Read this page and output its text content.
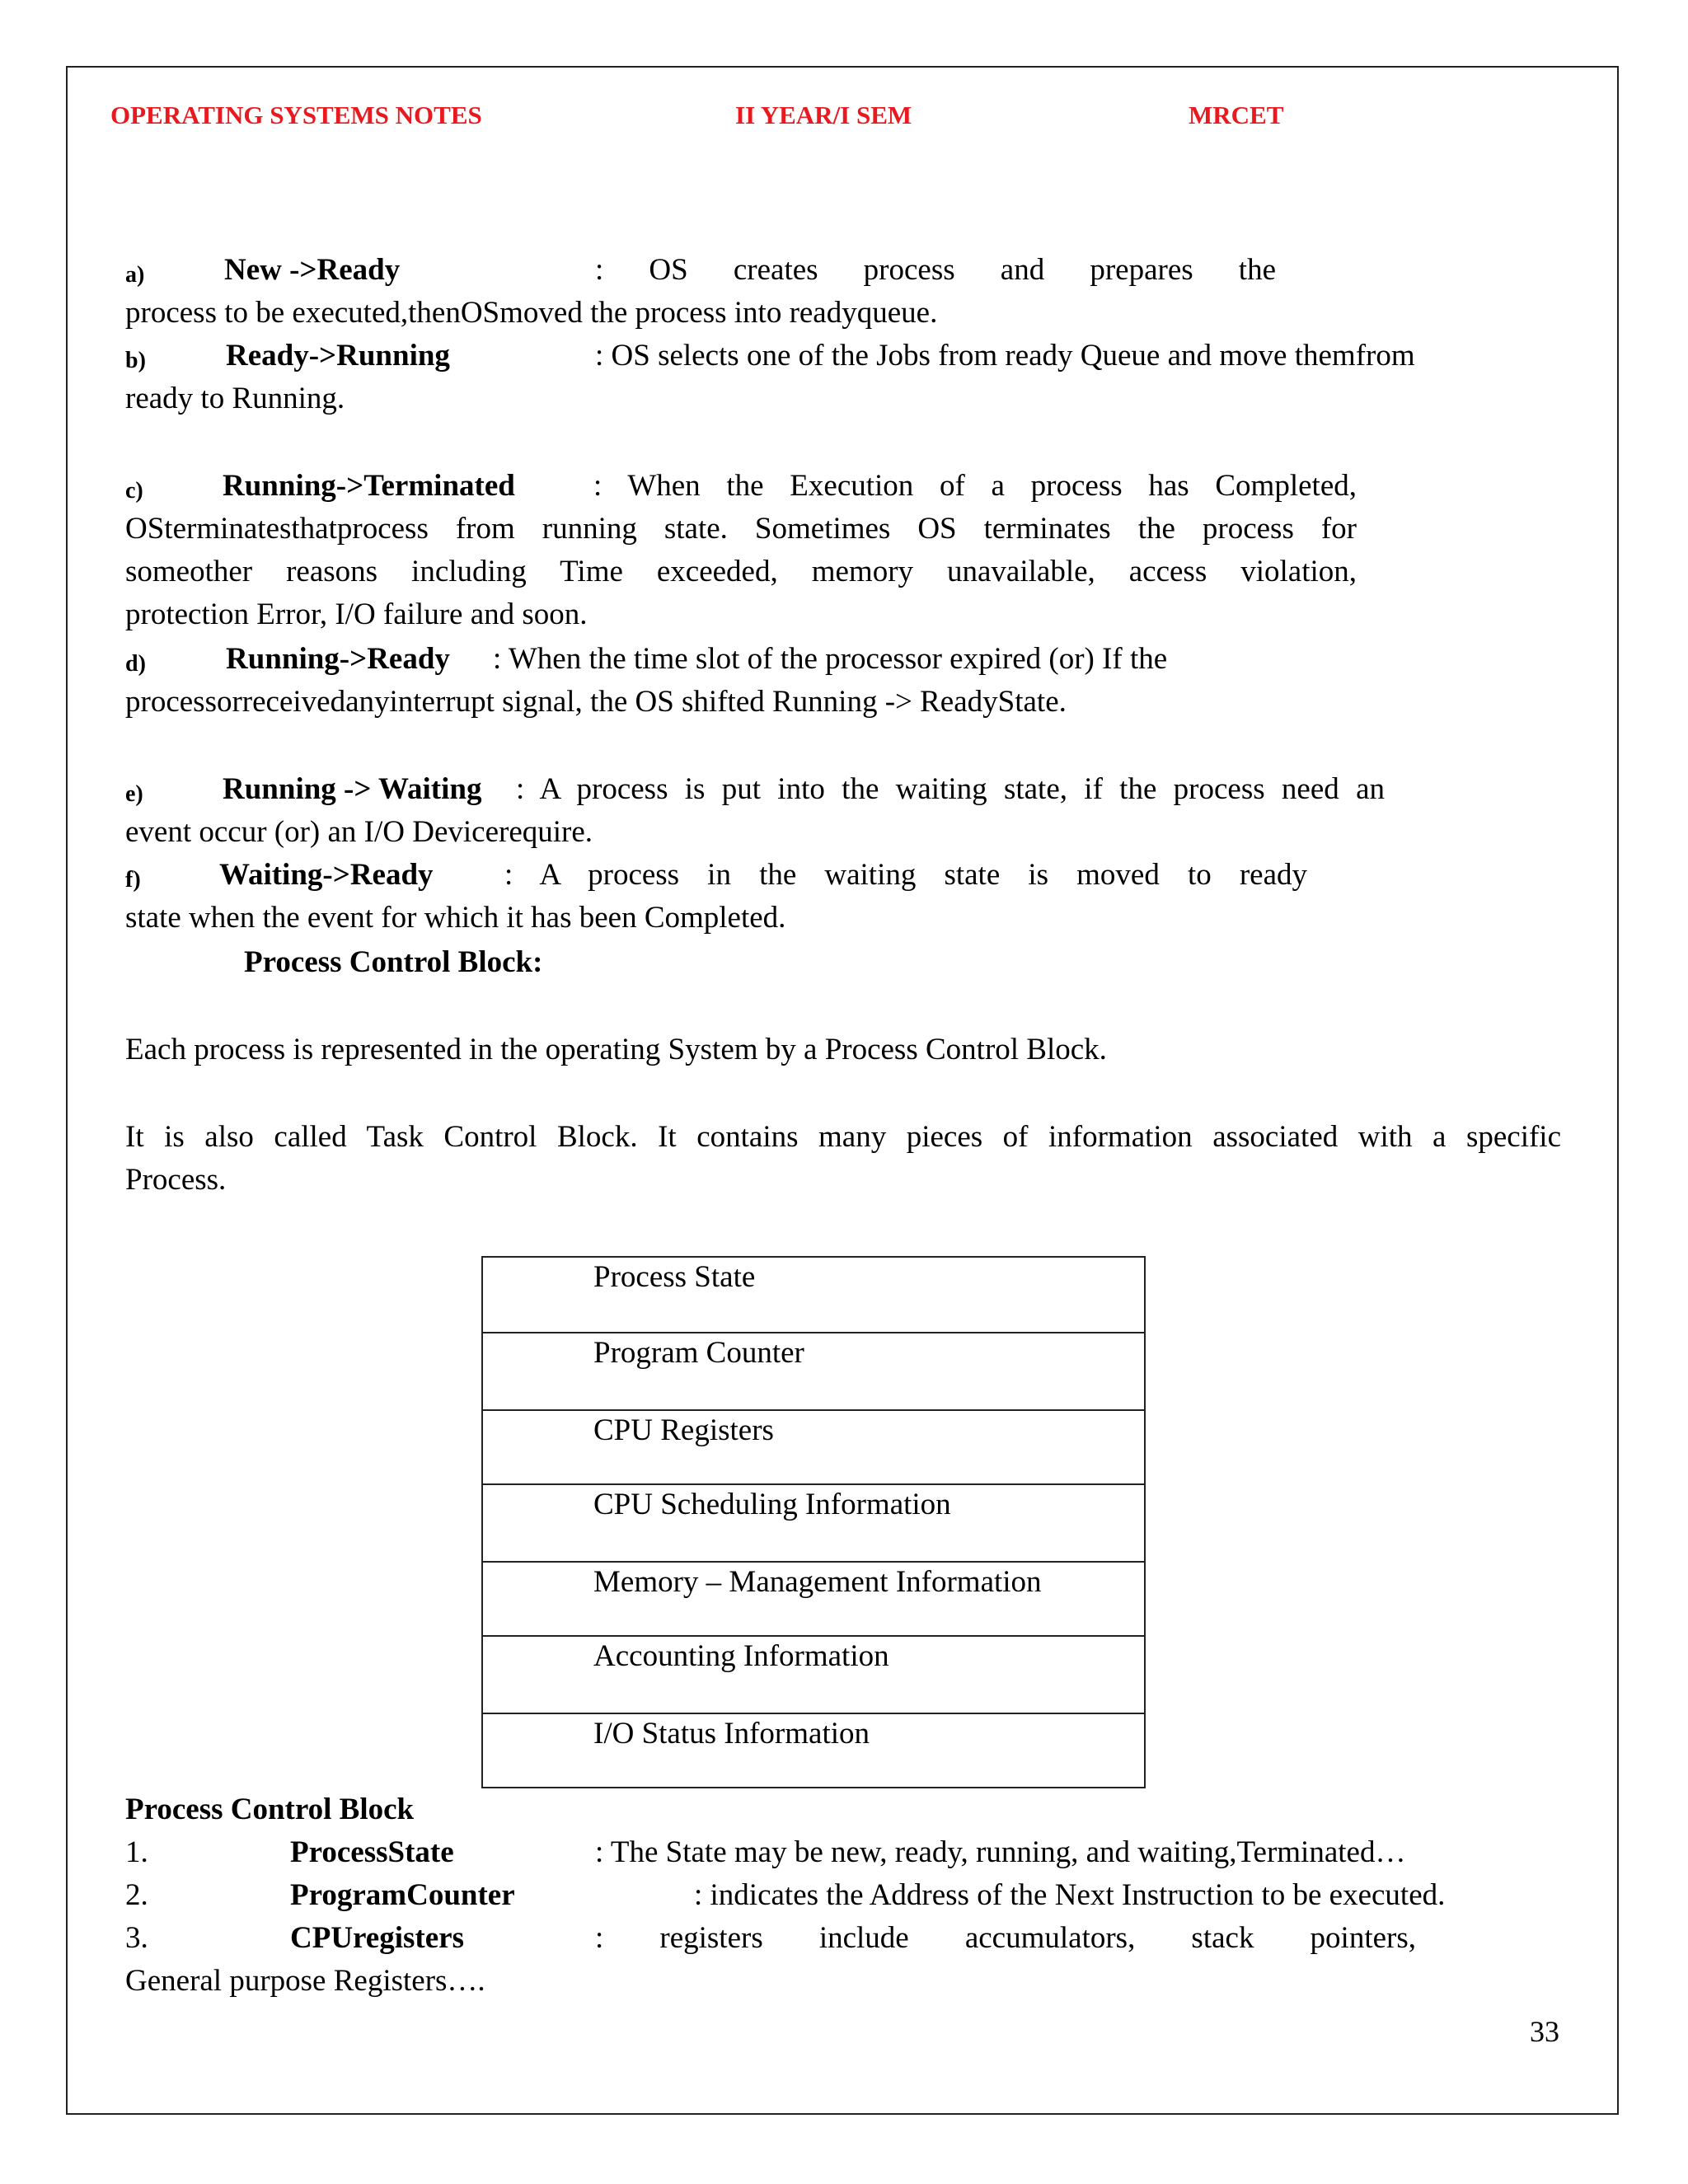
OPERATING SYSTEMS NOTES	II YEAR/I SEM	MRCET
a)	New ->Ready	: OS creates process and prepares the
process to be executed,thenOSmoved the process into readyqueue.
b)	Ready->Running	: OS selects one of the Jobs from ready Queue and move themfrom
ready to Running.
c)	Running->Terminated	: When the Execution of a process has Completed,
OSterminatesthatprocess from running state. Sometimes OS terminates the process for
someother reasons including Time exceeded, memory unavailable, access violation,
protection Error, I/O failure and soon.
d)	Running->Ready : When the time slot of the processor expired (or) If the
processorreceivedanyinterrupt signal, the OS shifted Running -> ReadyState.
e)	Running -> Waiting : A process is put into the waiting state, if the process need an
event occur (or) an I/O Devicerequire.
f)	Waiting->Ready : A process in the waiting state is moved to ready
state when the event for which it has been Completed.
Process Control Block:
Each process is represented in the operating System by a Process Control Block.
It is also called Task Control Block. It contains many pieces of information associated with a specific
Process.
Process State

Program Counter

CPU Registers

CPU Scheduling Information

Memory – Management Information

Accounting Information

I/O Status Information
Process Control Block
1.	ProcessState	: The State may be new, ready, running, and waiting,Terminated…
2.	ProgramCounter	: indicates the Address of the Next Instruction to be executed.
3.	CPUregisters	: registers include accumulators, stack pointers,
General purpose Registers….
33
